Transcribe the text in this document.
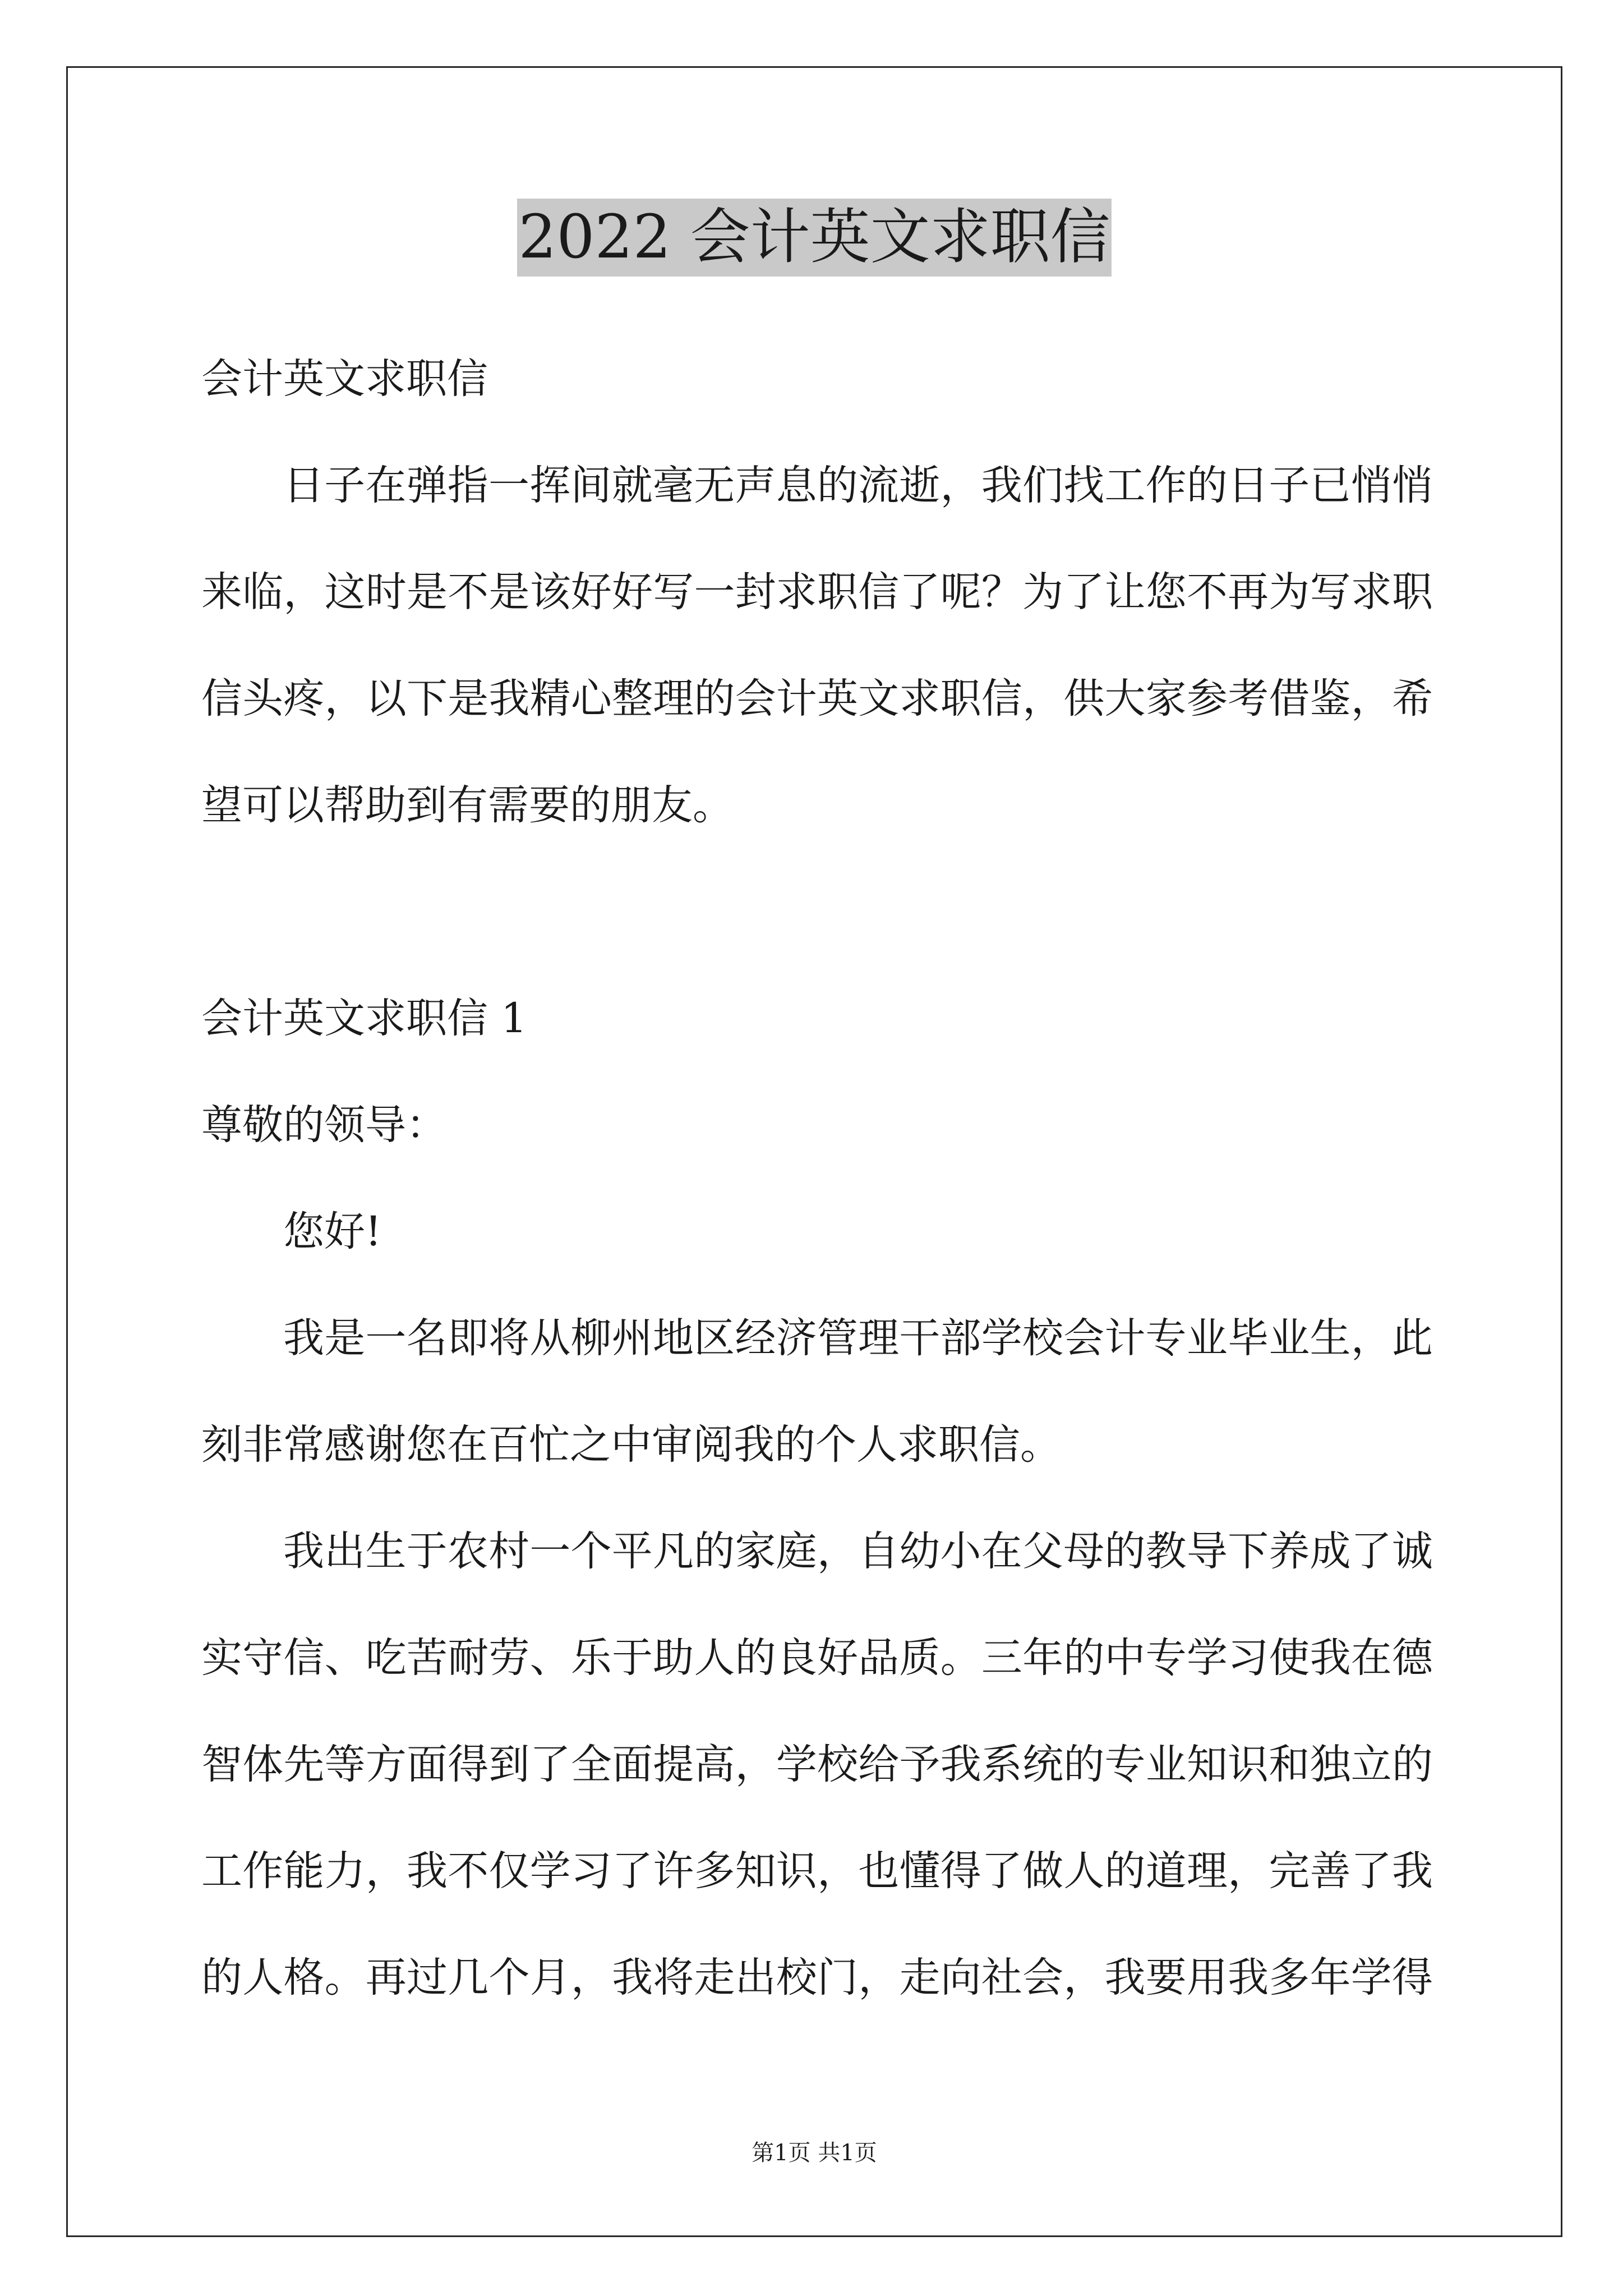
2022 会计英文求职信
会计英文求职信
日子在弹指一挥间就毫无声息的流逝，我们找工作的日子已悄悄
来临，这时是不是该好好写一封求职信了呢？为了让您不再为写求职
信头疼，以下是我精心整理的会计英文求职信，供大家参考借鉴，希
望可以帮助到有需要的朋友。
会计英文求职信 1
尊敬的领导：
您好!
我是一名即将从柳州地区经济管理干部学校会计专业毕业生，此
刻非常感谢您在百忙之中审阅我的个人求职信。
我出生于农村一个平凡的家庭，自幼小在父母的教导下养成了诚
实守信、吃苦耐劳、乐于助人的良好品质。三年的中专学习使我在德
智体先等方面得到了全面提高，学校给予我系统的专业知识和独立的
工作能力，我不仅学习了许多知识，也懂得了做人的道理，完善了我
的人格。再过几个月，我将走出校门，走向社会，我要用我多年学得
第1页 共1页
